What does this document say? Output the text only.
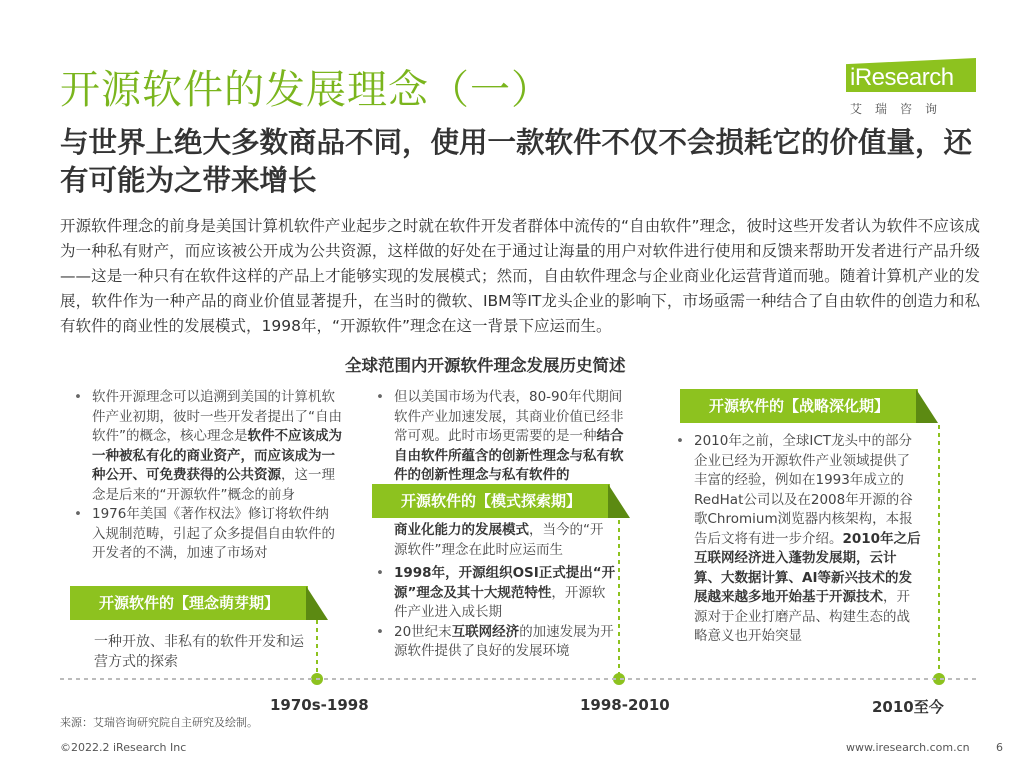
开源软件的发展理念（一）	iResearch
艾瑞咨询
与世界上绝大多数商品不同，使用一款软件不仅不会损耗它的价值量，还有可能为之带来增长
开源软件理念的前身是美国计算机软件产业起步之时就在软件开发者群体中流传的“自由软件”理念，彼时这些开发者认为软件不应该成为一种私有财产，而应该被公开成为公共资源，这样做的好处在于通过让海量的用户对软件进行使用和反馈来帮助开发者进行产品升级——这是一种只有在软件这样的产品上才能够实现的发展模式；然而，自由软件理念与企业商业化运营背道而驰。随着计算机产业的发展，软件作为一种产品的商业价值显著提升，在当时的微软、IBM等IT龙头企业的影响下，市场亟需一种结合了自由软件的创造力和私有软件的商业性的发展模式，1998年，“开源软件”理念在这一背景下应运而生。
全球范围内开源软件理念发展历史简述
• 软件开源理念可以追溯到美国的计算机软件产业初期，彼时一些开发者提出了“自由软件”的概念，核心理念是软件不应该成为一种被私有化的商业资产，而应该成为一种公开、可免费获得的公共资源，这一理念是后来的“开源软件”概念的前身
• 1976年美国《著作权法》修订将软件纳入规制范畴，引起了众多提倡自由软件的开发者的不满，加速了市场对
开源软件的【理念萌芽期】
一种开放、非私有的软件开发和运营方式的探索
1970s-1998
• 但以美国市场为代表，80-90年代期间软件产业加速发展，其商业价值已经非常可观。此时市场更需要的是一种结合自由软件所蕴含的创新性理念与私有软件的创新性理念与私有软件的
开源软件的【模式探索期】
商业化能力的发展模式，当今的“开源软件”理念在此时应运而生
• 1998年，开源组织OSI正式提出“开源”理念及其十大规范特性，开源软件产业进入成长期
• 20世纪末互联网经济的加速发展为开源软件提供了良好的发展环境
1998-2010
开源软件的【战略深化期】
• 2010年之前，全球ICT龙头中的部分企业已经为开源软件产业领域提供了丰富的经验，例如在1993年成立的RedHat公司以及在2008年开源的谷歌Chromium浏览器内核架构，本报告后文将有进一步介绍。2010年之后互联网经济进入蓬勃发展期，云计算、大数据计算、AI等新兴技术的发展越来越多地开始基于开源技术，开源对于企业打磨产品、构建生态的战略意义也开始突显
2010至今
来源：艾瑞咨询研究院自主研究及绘制。
©2022.2 iResearch Inc	www.iresearch.com.cn 6
